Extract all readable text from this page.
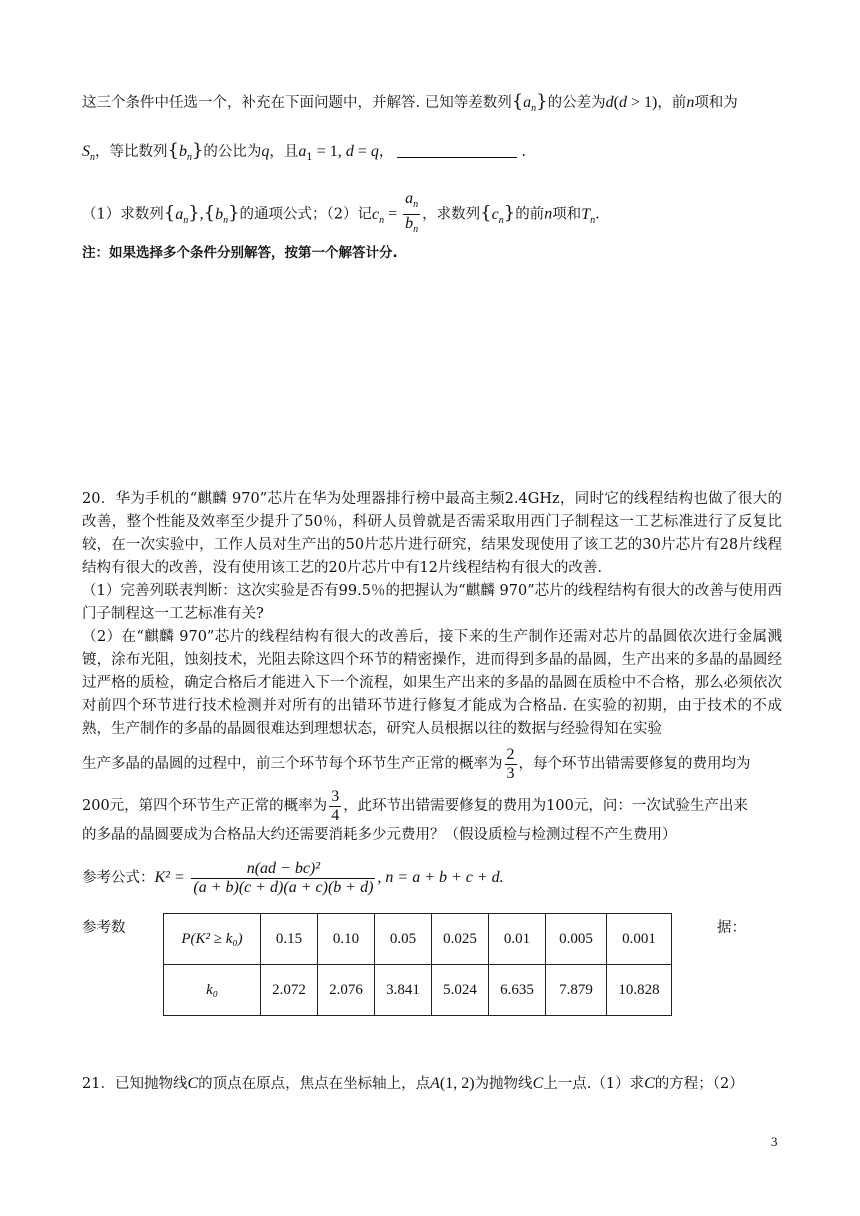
这三个条件中任选一个，补充在下面问题中，并解答. 已知等差数列$\{a_n\}$的公差为d(d > 1)，前n项和为
$S_n$，等比数列$\{b_n\}$的公比为q，且$a_1 = 1$, d = q，	.
（1）求数列$\{a_n\},\{b_n\}$的通项公式；（2）记$c_n = \frac{a_n}{b_n}$ ，求数列$\{c_n\}$的前n项和$T_n$.
注：如果选择多个条件分别解答，按第一个解答计分.
20．华为手机的“麒麟 970”芯片在华为处理器排行榜中最高主频2.4GHz，同时它的线程结构也做了很大的改善，整个性能及效率至少提升了50％，科研人员曾就是否需采取用西门子制程这一工艺标准进行了反复比较，在一次实验中，工作人员对生产出的50片芯片进行研究，结果发现使用了该工艺的30片芯片有28片线程结构有很大的改善，没有使用该工艺的20片芯片中有12片线程结构有很大的改善.
（1）完善列联表判断：这次实验是否有99.5％的把握认为“麒麟 970”芯片的线程结构有很大的改善与使用西门子制程这一工艺标准有关?
（2）在“麒麟 970”芯片的线程结构有很大的改善后，接下来的生产制作还需对芯片的晶圆依次进行金属溅镀，涂布光阻，蚀刻技术，光阻去除这四个环节的精密操作，进而得到多晶的晶圆，生产出来的多晶的晶圆经过严格的质检，确定合格后才能进入下一个流程，如果生产出来的多晶的晶圆在质检中不合格，那么必须依次对前四个环节进行技术检测并对所有的出错环节进行修复才能成为合格品. 在实验的初期，由于技术的不成熟，生产制作的多晶的晶圆很难达到理想状态，研究人员根据以往的数据与经验得知在实验
生产多晶的晶圆的过程中，前三个环节每个环节生产正常的概率为 $\frac{2}{3}$ ，每个环节出错需要修复的费用均为
200元，第四个环节生产正常的概率为 $\frac{3}{4}$ ，此环节出错需要修复的费用为100元，问：一次试验生产出来
的多晶的晶圆要成为合格品大约还需要消耗多少元费用？（假设质检与检测过程不产生费用）
参考公式：$K^2 = \frac{\text{n(ad − bc)²}}{(a + b)(c + d)(a + c)(b + d)}$ , n = a + b + c + d.
参考数	据：
P(K² ≥ k₀)	0.15	0.10	0.05	0.025	0.01	0.005	0.001
k₀	2.072	2.076	3.841	5.024	6.635	7.879	10.828
21．已知抛物线C的顶点在原点，焦点在坐标轴上，点A(1, 2)为抛物线C上一点.（1）求C的方程；（2）
3
